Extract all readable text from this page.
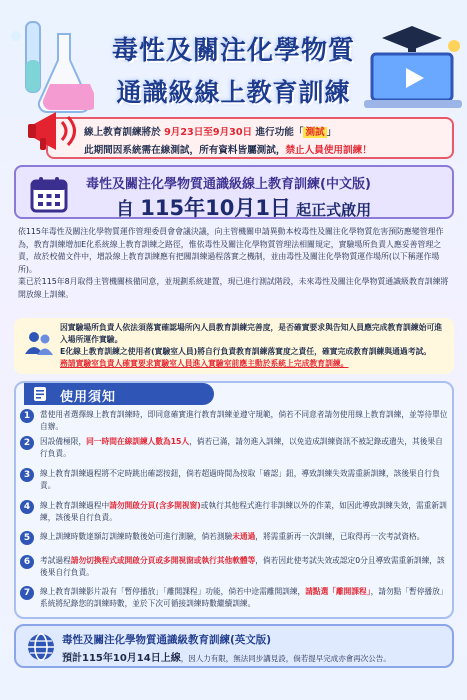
毒性及關注化學物質
通識級線上教育訓練
線上教育訓練將於 9月23日至9月30日 進行功能「 測試 」
此期間因系統需在線測試，所有資料皆屬測試，禁止人員使用訓練！
毒性及關注化學物質通識級線上教育訓練(中文版)
自 115年10月1日 起正式啟用

依115年毒性及關注化學物質運作管理委員會會議決議，向主管機關申請異動本校毒性及關注化學物質危害預防應變管理作為，教育訓練增加E化系統線上教育訓練之路徑，惟依毒性及關注化學物質管理法相關規定，實驗場所負責人應妥善管理之責，故於校備文件中，增設線上教育訓練應有把關訓練過程落實之機制，並由毒性及關注化學物質運作場所(以下稱運作場所)。

業已於115年8月取得主管機關核備同意，並規劃系統建置，現已進行測試階段，未來毒性及關注化學物質通識級教育訓練將開放線上訓練。

因實驗場所負責人依法須落實確認場所內人員教育訓練完善度，是否確實要求與告知人員應完成教育訓練始可進入場所運作實驗。
E化線上教育訓練之使用者(實驗室人員)將自行負責教育訓練落實度之責任，確實完成教育訓練與通過考試。
務請實驗室負責人確實要求實驗室人員進入實驗室前應主動於系統上完成教育訓練。
使用須知
1	當使用者選擇線上教育訓練時，即同意確實進行教育訓練並遵守規範，倘若不同意者請勿使用線上教育訓練，並等待單位自辦。
2	因設備極限，同一時間在線訓練人數為15人，倘若已滿，請勿進入訓練，以免造成訓練資訊不被記錄或遺失，其後果自行負責。
3	線上教育訓練過程將不定時跳出確認按鈕，倘若超過時間為按取「確認」鈕，導致訓練失效需重新訓練，該後果自行負責。
4	線上教育訓練過程中請勿開啟分頁(含多開視窗)或執行其他程式進行非訓練以外的作業，如因此導致訓練失效，需重新訓練，該後果自行負責。
5	線上訓練時數達額訂訓練時數後始可進行測驗，倘若測驗未通過，將需重新再一次訓練，已取得再一次考試資格。
6	考試過程請勿切換程式或開啟分頁或多開視窗或執行其他軟體等，倘若因此使考試失效或認定0分且導致需重新訓練，該後果自行負責。
7	線上教育訓練影片設有「暫停播放」「離開課程」功能，倘若中途需離開訓練，請點選「離開課程」，請勿點「暫停播放」系統將紀錄您的訓練時數，並於下次可循接訓練時數繼續訓練。
毒性及關注化學物質通識級教育訓練(英文版)
預計115年10月14日上線，因人力有限，無法同步講見設，倘若提早完成亦會再次公告。
